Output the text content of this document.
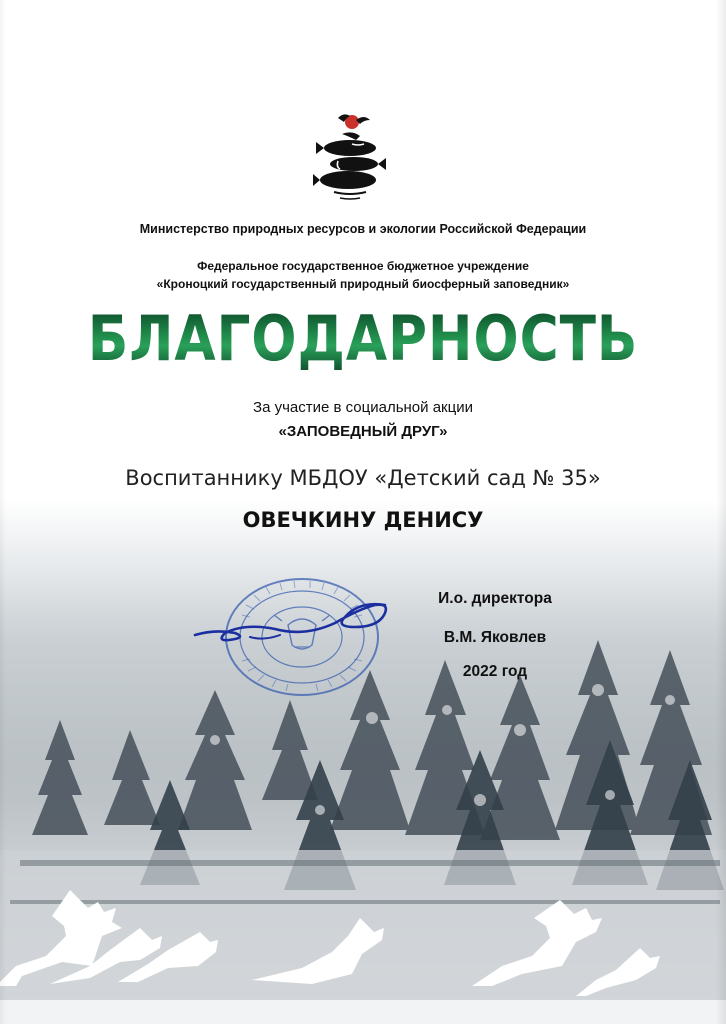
Министерство природных ресурсов и экологии Российской Федерации
Федеральное государственное бюджетное учреждение
«Кроноцкий государственный природный биосферный заповедник»
БЛАГОДАРНОСТЬ
За участие в социальной акции
«ЗАПОВЕДНЫЙ ДРУГ»
Воспитаннику МБДОУ «Детский сад № 35»
ОВЕЧКИНУ ДЕНИСУ
И.о. директора
В.М. Яковлев
2022 год
